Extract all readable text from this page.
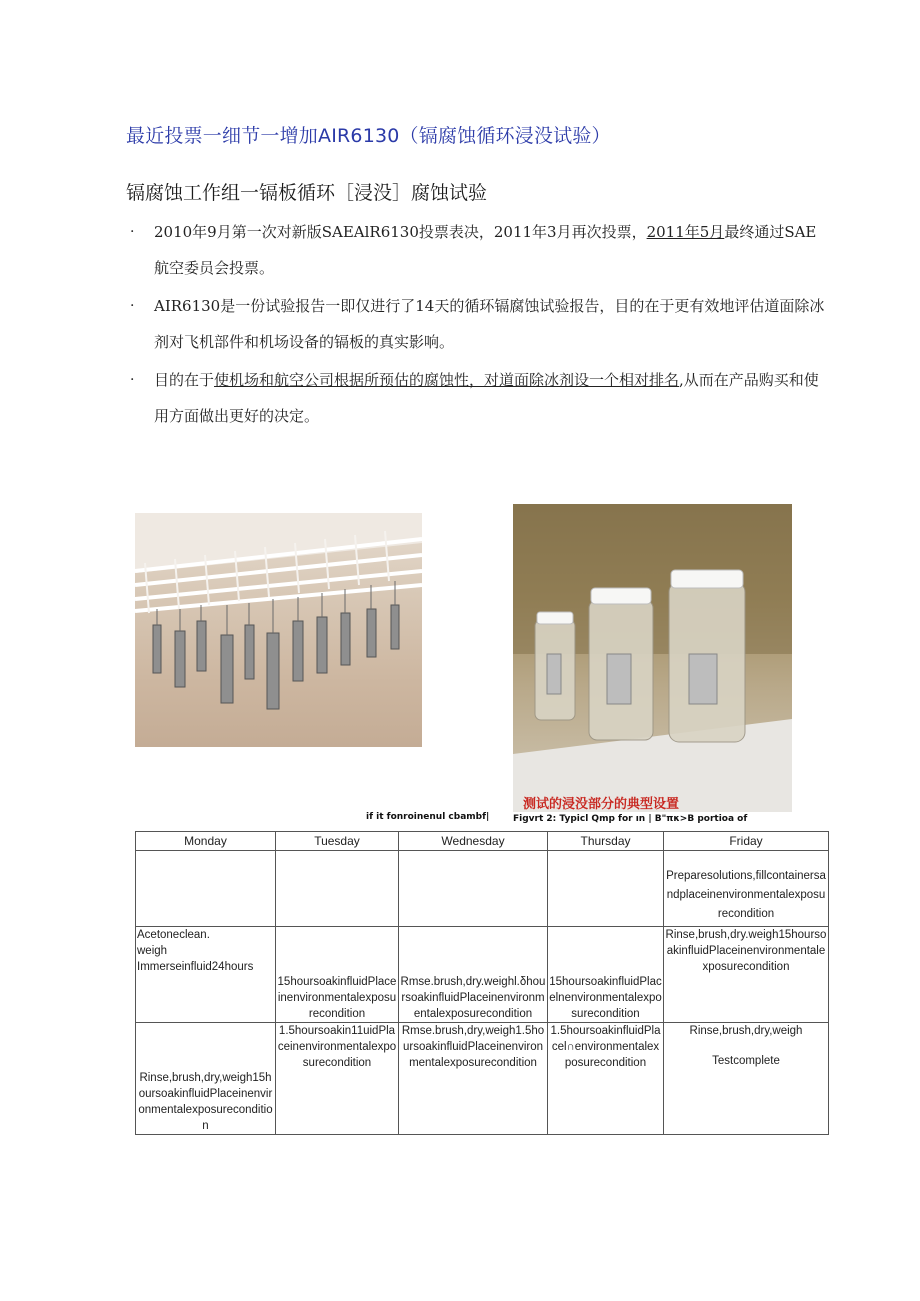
最近投票一细节一增加AIR6130（镉腐蚀循环浸没试验）
镉腐蚀工作组一镉板循环［浸没］腐蚀试验
· 2010年9月第一次对新版SAEAlR6130投票表决，2011年3月再次投票，2011年5月最终通过SAE航空委员会投票。
· AIR6130是一份试验报告一即仅进行了14天的循环镉腐蚀试验报告，目的在于更有效地评估道面除冰剂对飞机部件和机场设备的镉板的真实影响。
· 目的在于使机场和航空公司根据所预估的腐蚀性，对道面除冰剂设一个相对排名,从而在产品购买和使用方面做出更好的决定。
测试的浸没部分的典型设置
if it fonroinenul cbambf|	Figvrt 2: Typicl Qmp for ın | B"πκ>B portioa of
Monday	Tuesday	Wednesday	Thursday	Friday
				Preparesolutions,fillcontainersandplaceinenvironmentalexposurecondition

Acetoneclean.
weigh
Immerseinfluid24hours	15hoursoakinfluidPlaceinenvironmentalexposurecondition	Rmse.brush,dry.weighl.δhoursoakinfluidPlaceinenvironmentalexposurecondition	15hoursoakinfluidPlacelnenvironmentalexposurecondition	Rinse,brush,dry.weigh15hoursoakinfluidPlaceinenvironmentalexposurecondition
Rinse,brush,dry,weigh15hoursoakinfluidPlaceinenvironmentalexposurecondition	1.5hoursoakin11uidPlaceinenvironmentalexposurecondition	Rmse.brush,dry,weigh1.5hoursoakinfluidPlaceinenvironmentalexposurecondition	1.5hoursoakinfluidPlacel∩environmentalexposurecondition	Rinse,brush,dry,weigh
Testcomplete
